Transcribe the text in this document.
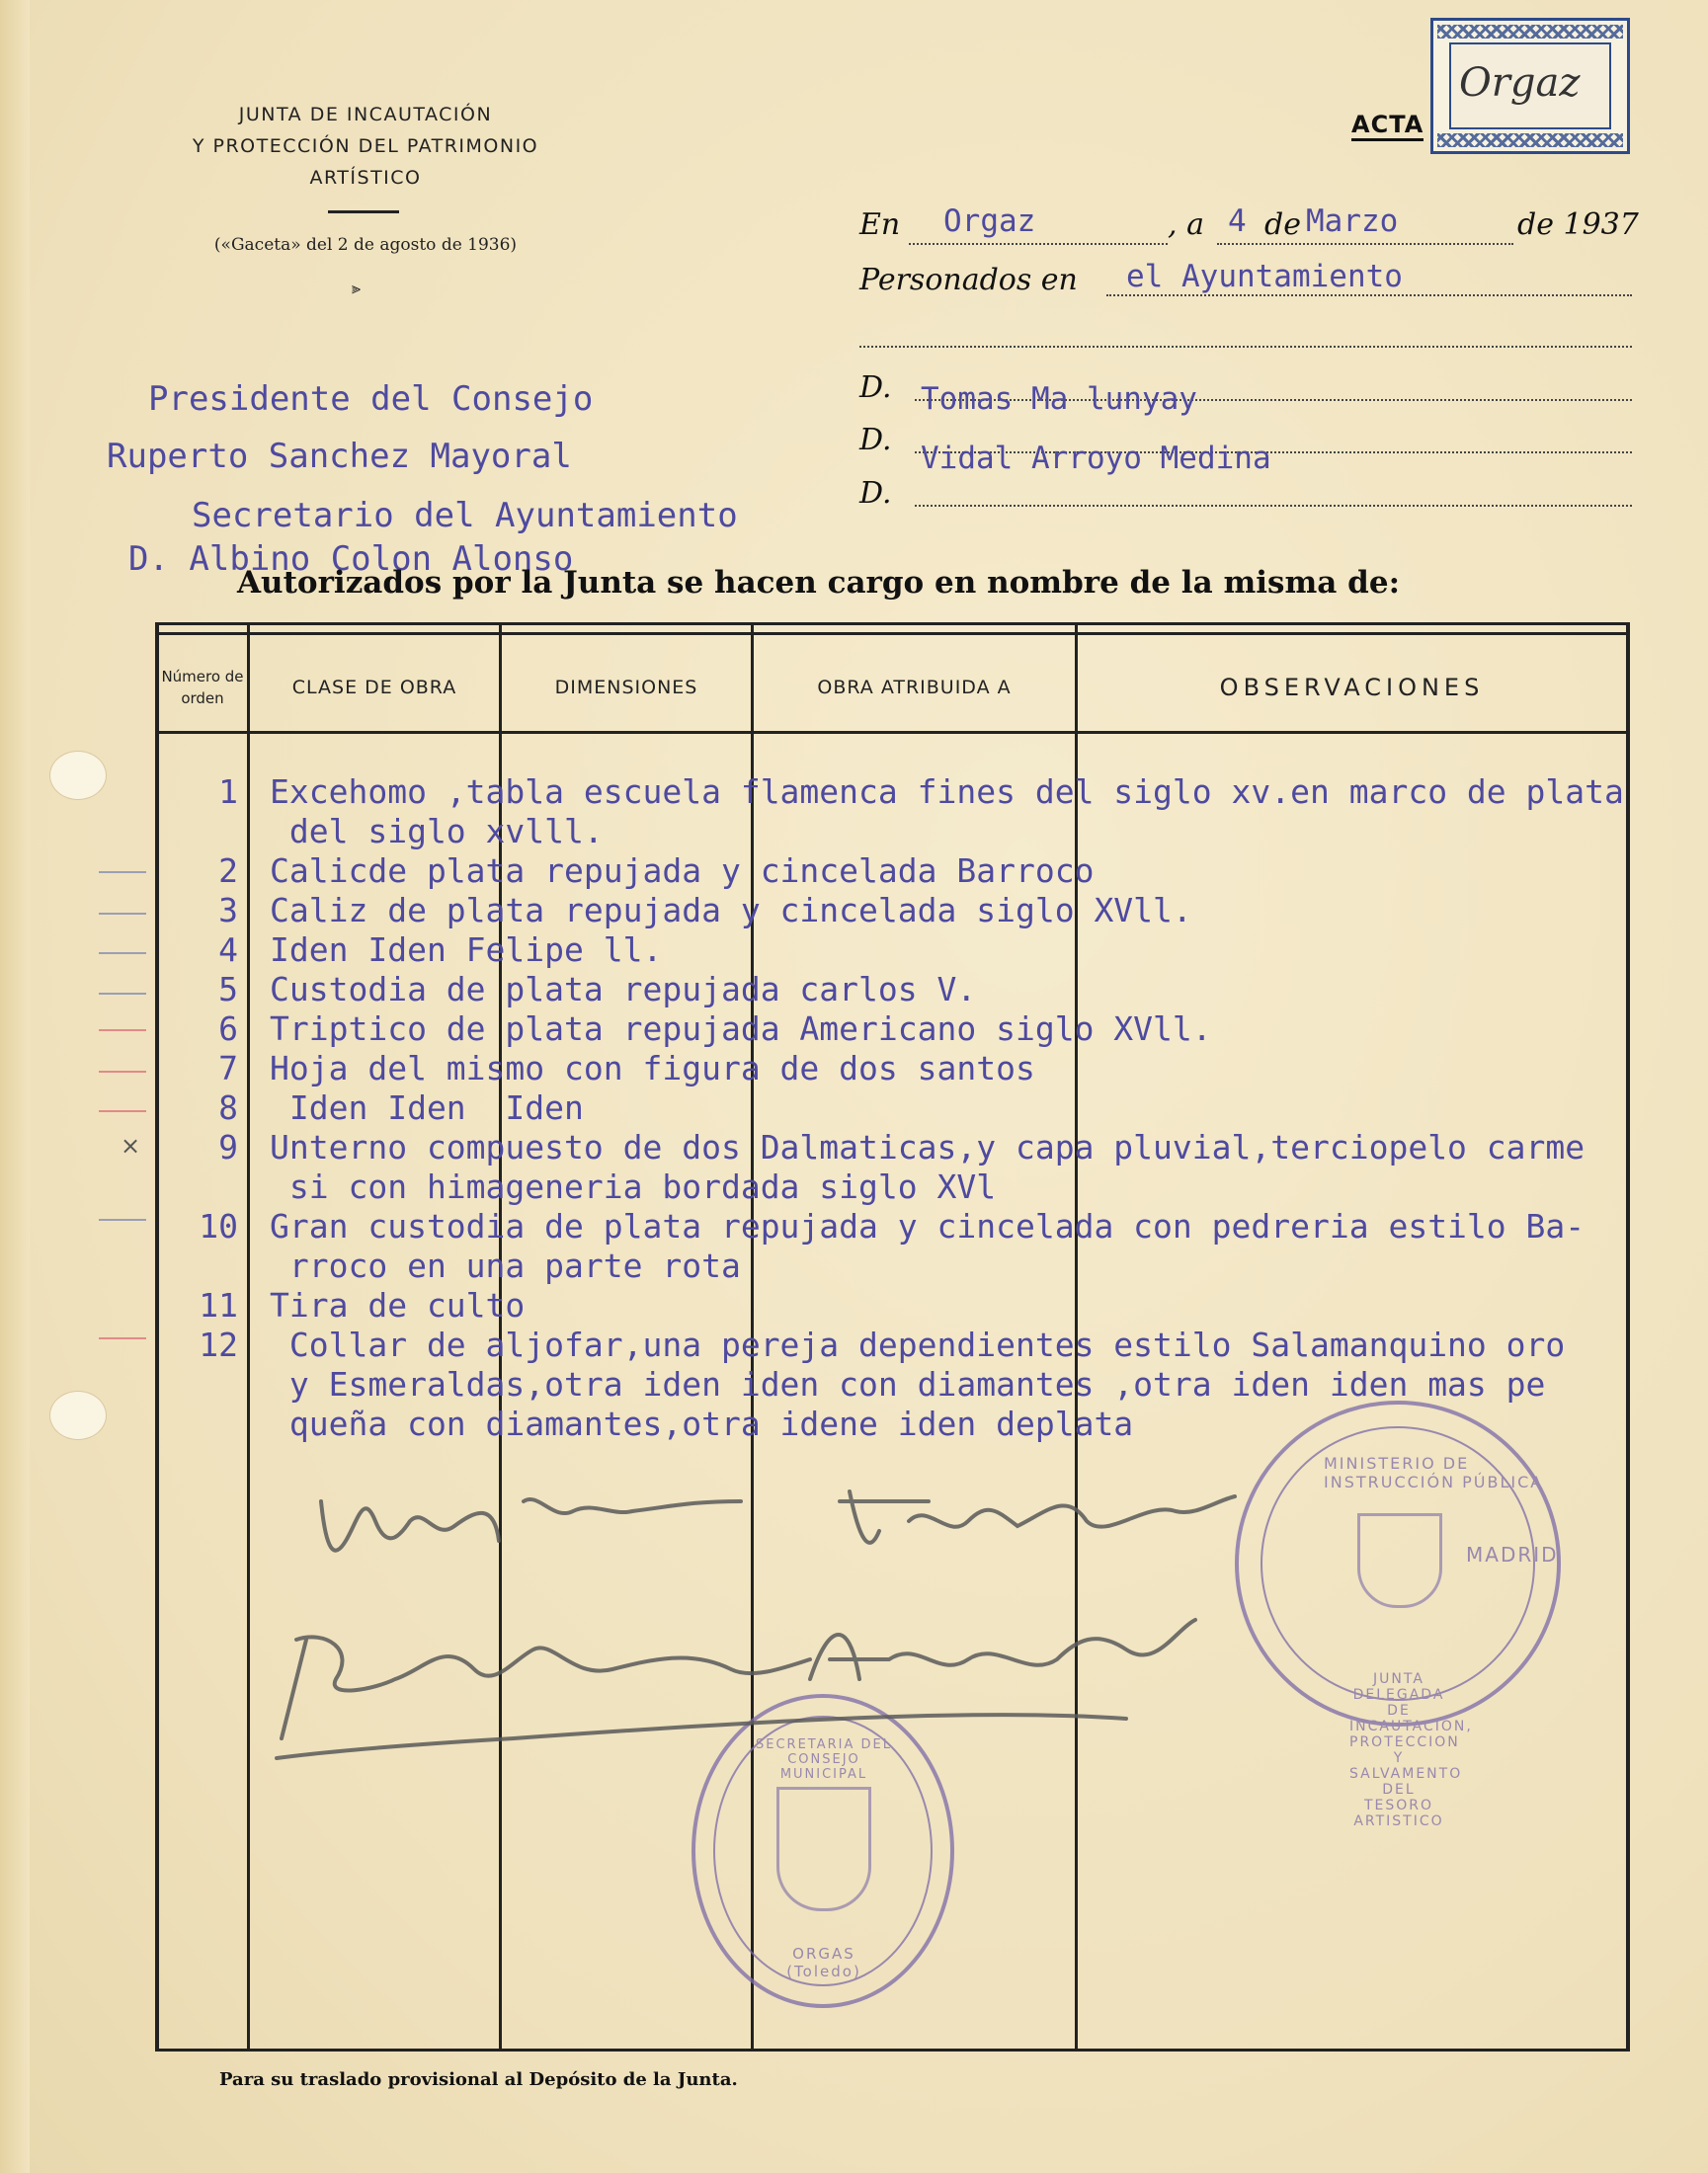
JUNTA DE INCAUTACIÓN
Y PROTECCIÓN DEL PATRIMONIO
ARTÍSTICO
(«Gaceta» del 2 de agosto de 1936)
⫸
ACTA
Orgaz
En Orgaz	, a 4 de Marzo	de 1937
Personados en el Ayuntamiento
D. Tomas Ma lunyay
D.
Vidal Arroyo Medina
D.
Presidente del Consejo
Ruperto Sanchez Mayoral
Secretario del Ayuntamiento
D. Albino Colon Alonso
Autorizados por la Junta se hacen cargo en nombre de la misma de:
Número de orden	CLASE DE OBRA	DIMENSIONES	OBRA ATRIBUIDA A	OBSERVACIONES
1 Excehomo ,tabla escuela flamenca fines del siglo xv.en marco de plata
del siglo xvlll.
2 Calicde plata repujada y cincelada Barroco
3 Caliz de plata repujada y cincelada siglo XVll.
4 Iden Iden Felipe ll.
5 Custodia de plata repujada carlos V.
6 Triptico de plata repujada Americano siglo XVll.
7 Hoja del mismo con figura de dos santos
8 Iden Iden  Iden
9 Unterno compuesto de dos Dalmaticas,y capa pluvial,terciopelo carme
si con himageneria bordada siglo XVl
10 Gran custodia de plata repujada y cincelada con pedreria estilo Ba-
rroco en una parte rota
11 Tira de culto
12 Collar de aljofar,una pereja dependientes estilo Salamanquino oro
y Esmeraldas,otra iden iden con diamantes ,otra iden iden mas pe
queña con diamantes,otra idene iden deplata
×
MINISTERIO DE INSTRUCCIÓN PÚBLICA
JUNTA DELEGADA DE INCAUTACION, PROTECCION Y SALVAMENTO DEL TESORO ARTISTICO
MADRID
SECRETARIA DEL CONSEJO MUNICIPAL
ORGAS (Toledo)
Para su traslado provisional al Depósito de la Junta.
